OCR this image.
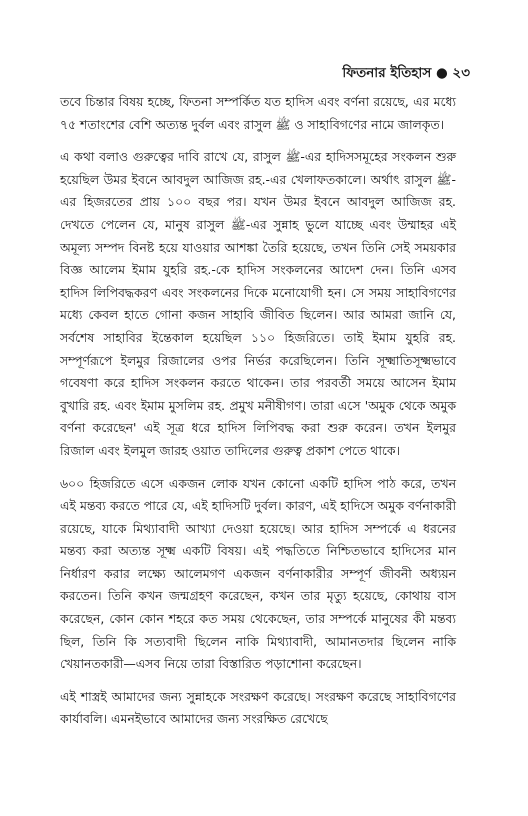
ফিতনার ইতিহাস ● ২৩

তবে চিন্তার বিষয় হচ্ছে, ফিতনা সম্পর্কিত যত হাদিস এবং বর্ণনা রয়েছে, এর মধ্যে ৭৫ শতাংশের বেশি অত্যন্ত দুর্বল এবং রাসুল ﷺ ও সাহাবিগণের নামে জালকৃত।

এ কথা বলাও গুরুত্বের দাবি রাখে যে, রাসুল ﷺ-এর হাদিসসমূহের সংকলন শুরু হয়েছিল উমর ইবনে আবদুল আজিজ রহ.-এর খেলাফতকালে। অর্থাৎ রাসুল ﷺ-এর হিজরতের প্রায় ১০০ বছর পর। যখন উমর ইবনে আবদুল আজিজ রহ. দেখতে পেলেন যে, মানুষ রাসুল ﷺ-এর সুন্নাহ ভুলে যাচ্ছে এবং উম্মাহর এই অমূল্য সম্পদ বিনষ্ট হয়ে যাওয়ার আশঙ্কা তৈরি হয়েছে, তখন তিনি সেই সময়কার বিজ্ঞ আলেম ইমাম যুহরি রহ.-কে হাদিস সংকলনের আদেশ দেন। তিনি এসব হাদিস লিপিবদ্ধকরণ এবং সংকলনের দিকে মনোযোগী হন। সে সময় সাহাবিগণের মধ্যে কেবল হাতে গোনা কজন সাহাবি জীবিত ছিলেন। আর আমরা জানি যে, সর্বশেষ সাহাবির ইন্তেকাল হয়েছিল ১১০ হিজরিতে। তাই ইমাম যুহরি রহ. সম্পূর্ণরূপে ইলমুর রিজালের ওপর নির্ভর করেছিলেন। তিনি সূক্ষ্মাতিসূক্ষ্মভাবে গবেষণা করে হাদিস সংকলন করতে থাকেন। তার পরবর্তী সময়ে আসেন ইমাম বুখারি রহ. এবং ইমাম মুসলিম রহ. প্রমুখ মনীষীগণ। তারা এসে 'অমুক থেকে অমুক বর্ণনা করেছেন' এই সূত্র ধরে হাদিস লিপিবদ্ধ করা শুরু করেন। তখন ইলমুর রিজাল এবং ইলমুল জারহ ওয়াত তাদিলের গুরুত্ব প্রকাশ পেতে থাকে।

৬০০ হিজরিতে এসে একজন লোক যখন কোনো একটি হাদিস পাঠ করে, তখন এই মন্তব্য করতে পারে যে, এই হাদিসটি দুর্বল। কারণ, এই হাদিসে অমুক বর্ণনাকারী রয়েছে, যাকে মিথ্যাবাদী আখ্যা দেওয়া হয়েছে। আর হাদিস সম্পর্কে এ ধরনের মন্তব্য করা অত্যন্ত সূক্ষ্ম একটি বিষয়। এই পদ্ধতিতে নিশ্চিতভাবে হাদিসের মান নির্ধারণ করার লক্ষ্যে আলেমগণ একজন বর্ণনাকারীর সম্পূর্ণ জীবনী অধ্যয়ন করতেন। তিনি কখন জন্মগ্রহণ করেছেন, কখন তার মৃত্যু হয়েছে, কোথায় বাস করেছেন, কোন কোন শহরে কত সময় থেকেছেন, তার সম্পর্কে মানুষের কী মন্তব্য ছিল, তিনি কি সত্যবাদী ছিলেন নাকি মিথ্যাবাদী, আমানতদার ছিলেন নাকি খেয়ানতকারী—এসব নিয়ে তারা বিস্তারিত পড়াশোনা করেছেন।

এই শাস্ত্রই আমাদের জন্য সুন্নাহকে সংরক্ষণ করেছে। সংরক্ষণ করেছে সাহাবিগণের কার্যাবলি। এমনইভাবে আমাদের জন্য সংরক্ষিত রেখেছে
